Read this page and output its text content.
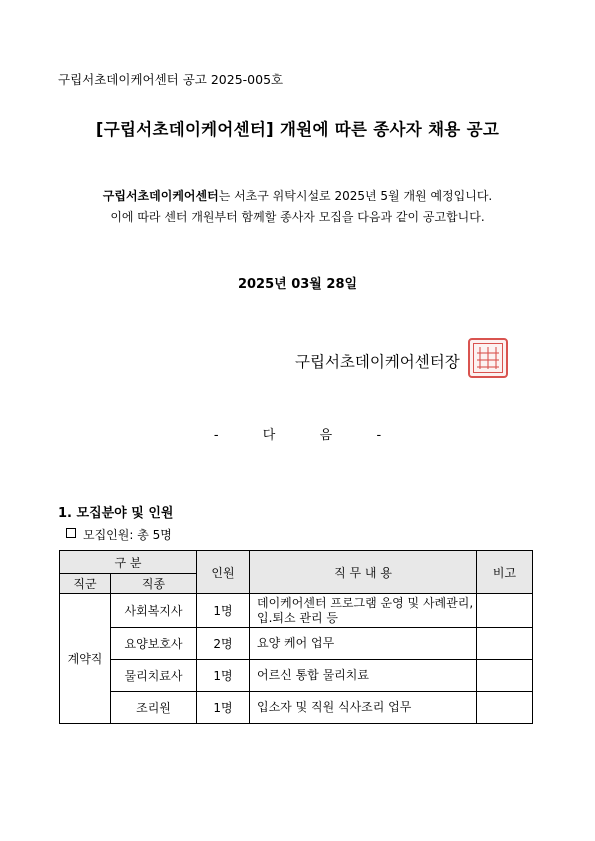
구립서초데이케어센터 공고 2025-005호
[구립서초데이케어센터] 개원에 따른 종사자 채용 공고
구립서초데이케어센터는 서초구 위탁시설로 2025년 5월 개원 예정입니다.
이에 따라 센터 개원부터 함께할 종사자 모집을 다음과 같이 공고합니다.
2025년 03월 28일
구립서초데이케어센터장
-	다	음	-
1. 모집분야 및 인원
모집인원: 총 5명
구 분		인원	직 무 내 용	비고
직군	직종			
계약직	사회복지사	1명	데이케어센터 프로그램 운영 및 사례관리,
입.퇴소 관리 등	

	요양보호사	2명	요양 케어 업무	
	물리치료사	1명	어르신 통합 물리치료	
	조리원	1명	입소자 및 직원 식사조리 업무	
